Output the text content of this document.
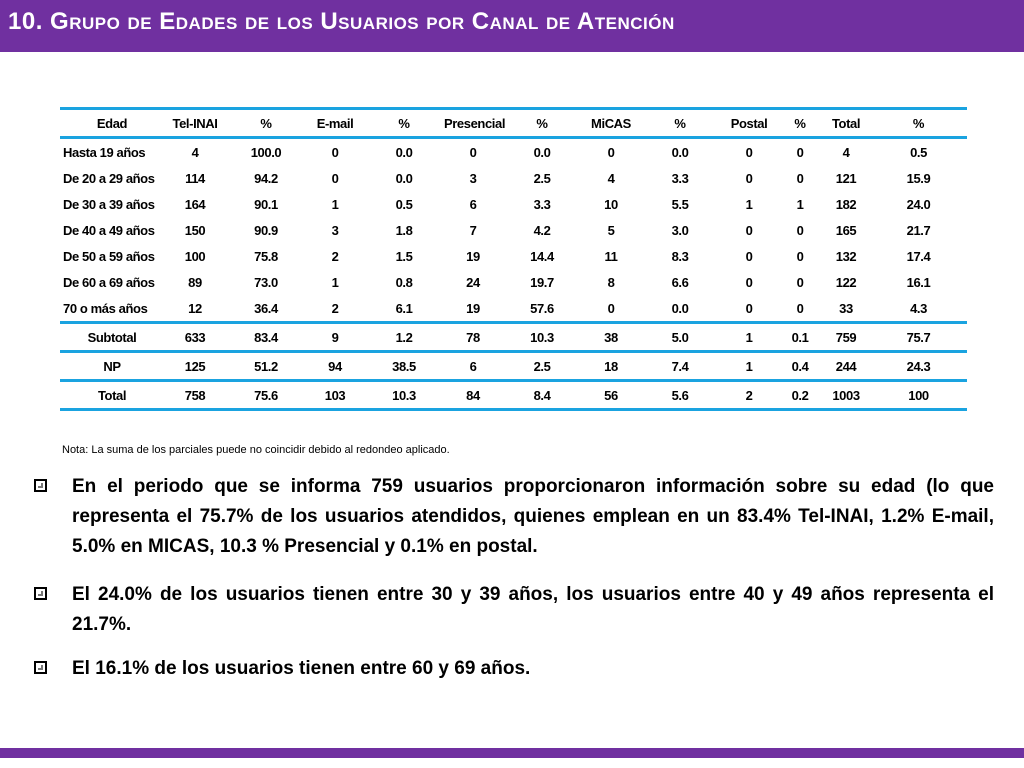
10. Grupo de Edades de los Usuarios por Canal de Atención
Edad	Tel-INAI	%	E-mail	%	Presencial	%	MiCAS	%	Postal	%	Total	%
Hasta 19 años	4	100.0	0	0.0	0	0.0	0	0.0	0	0	4	0.5
De 20 a 29 años	114	94.2	0	0.0	3	2.5	4	3.3	0	0	121	15.9
De 30 a 39 años	164	90.1	1	0.5	6	3.3	10	5.5	1	1	182	24.0
De 40 a 49 años	150	90.9	3	1.8	7	4.2	5	3.0	0	0	165	21.7
De 50 a 59 años	100	75.8	2	1.5	19	14.4	11	8.3	0	0	132	17.4
De 60 a 69 años	89	73.0	1	0.8	24	19.7	8	6.6	0	0	122	16.1
70 o más años	12	36.4	2	6.1	19	57.6	0	0.0	0	0	33	4.3
Subtotal	633	83.4	9	1.2	78	10.3	38	5.0	1	0.1	759	75.7
NP	125	51.2	94	38.5	6	2.5	18	7.4	1	0.4	244	24.3
Total	758	75.6	103	10.3	84	8.4	56	5.6	2	0.2	1003	100
Nota: La suma de los parciales puede no coincidir debido al redondeo aplicado.
En el periodo que se informa 759 usuarios proporcionaron información sobre su edad (lo que representa el 75.7% de los usuarios atendidos, quienes emplean en un 83.4% Tel-INAI, 1.2% E-mail, 5.0% en MICAS, 10.3 % Presencial y 0.1% en postal.
El 24.0% de los usuarios tienen entre 30 y 39 años, los usuarios entre 40 y 49 años representa el 21.7%.
El 16.1% de los usuarios tienen entre 60 y 69 años.
